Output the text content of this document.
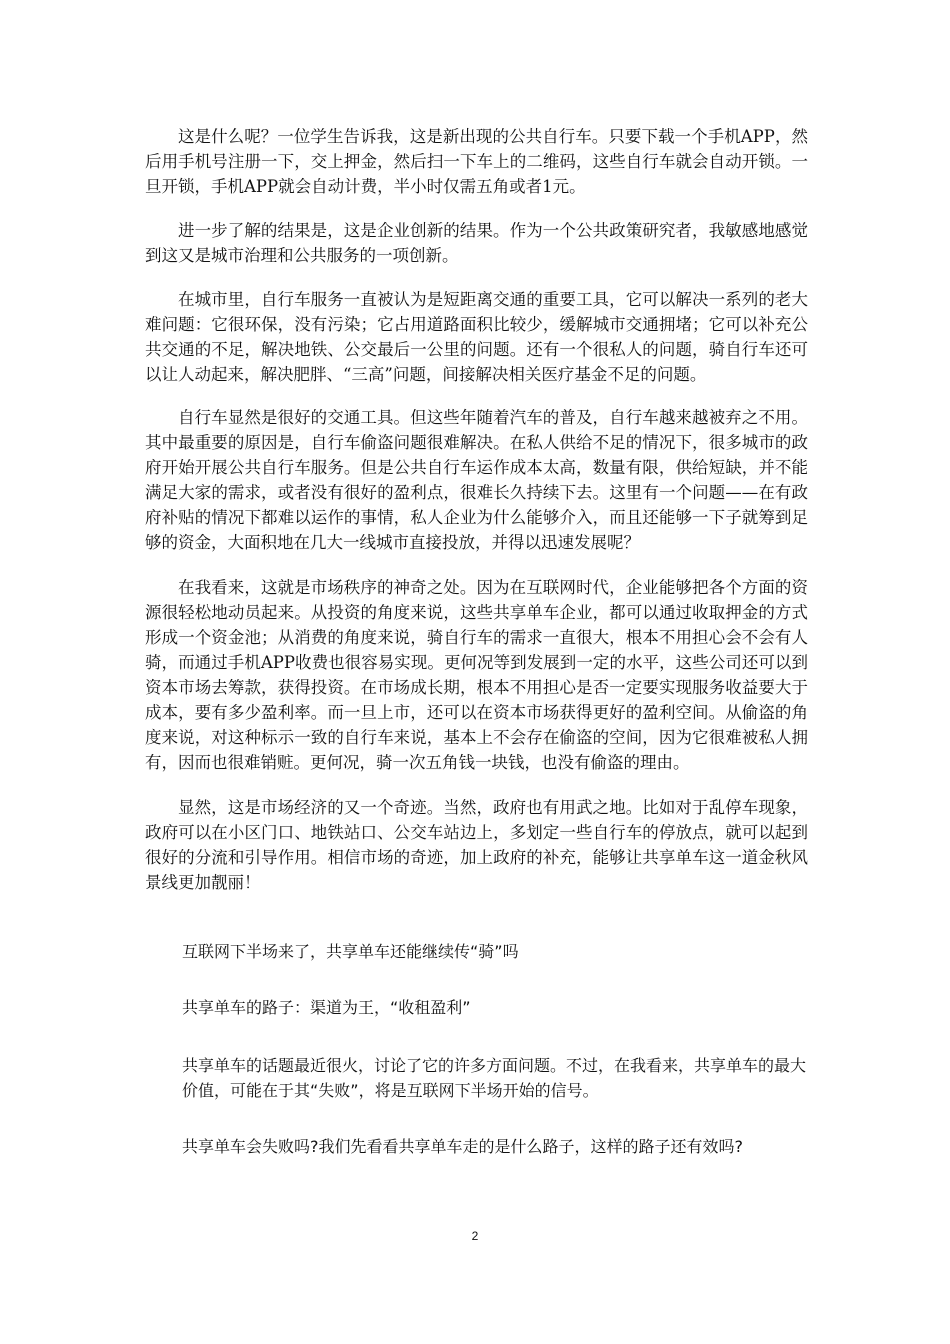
这是什么呢？一位学生告诉我，这是新出现的公共自行车。只要下载一个手机APP，然后用手机号注册一下，交上押金，然后扫一下车上的二维码，这些自行车就会自动开锁。一旦开锁，手机APP就会自动计费，半小时仅需五角或者1元。

进一步了解的结果是，这是企业创新的结果。作为一个公共政策研究者，我敏感地感觉到这又是城市治理和公共服务的一项创新。

在城市里，自行车服务一直被认为是短距离交通的重要工具，它可以解决一系列的老大难问题：它很环保，没有污染；它占用道路面积比较少，缓解城市交通拥堵；它可以补充公共交通的不足，解决地铁、公交最后一公里的问题。还有一个很私人的问题，骑自行车还可以让人动起来，解决肥胖、“三高”问题，间接解决相关医疗基金不足的问题。

自行车显然是很好的交通工具。但这些年随着汽车的普及，自行车越来越被弃之不用。其中最重要的原因是，自行车偷盗问题很难解决。在私人供给不足的情况下，很多城市的政府开始开展公共自行车服务。但是公共自行车运作成本太高，数量有限，供给短缺，并不能满足大家的需求，或者没有很好的盈利点，很难长久持续下去。这里有一个问题——在有政府补贴的情况下都难以运作的事情，私人企业为什么能够介入，而且还能够一下子就筹到足够的资金，大面积地在几大一线城市直接投放，并得以迅速发展呢？

在我看来，这就是市场秩序的神奇之处。因为在互联网时代，企业能够把各个方面的资源很轻松地动员起来。从投资的角度来说，这些共享单车企业，都可以通过收取押金的方式形成一个资金池；从消费的角度来说，骑自行车的需求一直很大，根本不用担心会不会有人骑，而通过手机APP收费也很容易实现。更何况等到发展到一定的水平，这些公司还可以到资本市场去筹款，获得投资。在市场成长期，根本不用担心是否一定要实现服务收益要大于成本，要有多少盈利率。而一旦上市，还可以在资本市场获得更好的盈利空间。从偷盗的角度来说，对这种标示一致的自行车来说，基本上不会存在偷盗的空间，因为它很难被私人拥有，因而也很难销赃。更何况，骑一次五角钱一块钱，也没有偷盗的理由。

显然，这是市场经济的又一个奇迹。当然，政府也有用武之地。比如对于乱停车现象，政府可以在小区门口、地铁站口、公交车站边上，多划定一些自行车的停放点，就可以起到很好的分流和引导作用。相信市场的奇迹，加上政府的补充，能够让共享单车这一道金秋风景线更加靓丽！

互联网下半场来了，共享单车还能继续传“骑”吗

共享单车的路子：渠道为王，“收租盈利”

共享单车的话题最近很火，讨论了它的许多方面问题。不过，在我看来，共享单车的最大价值，可能在于其“失败”，将是互联网下半场开始的信号。

共享单车会失败吗?我们先看看共享单车走的是什么路子，这样的路子还有效吗?

2
